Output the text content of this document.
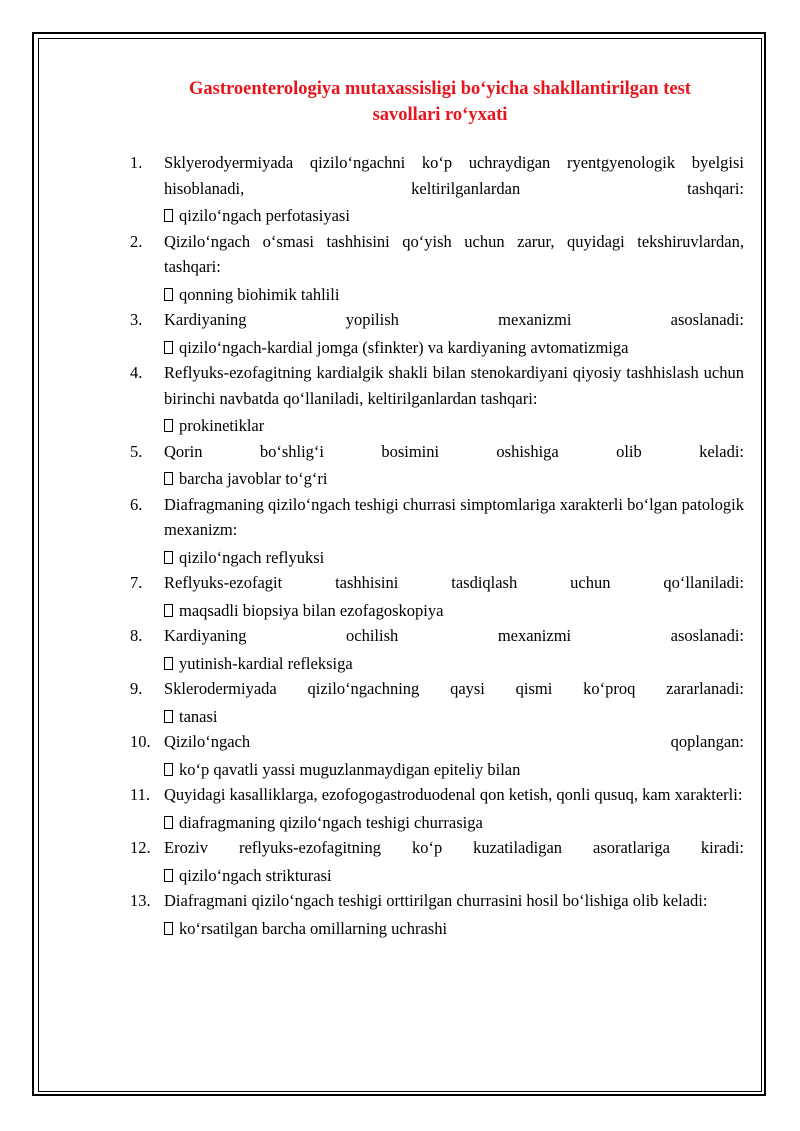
Gastroenterologiya mutaxassisligi bo‘yicha shakllantirilgan test
savollari ro‘yxati
1.	Sklyerodyermiyada qizilo‘ngachni ko‘p uchraydigan ryentgyenologik byelgisi hisoblanadi, keltirilganlardan tashqari:
qizilo‘ngach perfotasiyasi
2.	Qizilo‘ngach o‘smasi tashhisini qo‘yish uchun zarur, quyidagi tekshiruvlardan, tashqari:
qonning biohimik tahlili
3.	Kardiyaning yopilish mexanizmi asoslanadi:
qizilo‘ngach-kardial jomga (sfinkter) va kardiyaning avtomatizmiga
4.	Reflyuks-ezofagitning kardialgik shakli bilan stenokardiyani qiyosiy tashhislash uchun birinchi navbatda qo‘llaniladi, keltirilganlardan tashqari:
prokinetiklar
5.	Qorin bo‘shlig‘i bosimini oshishiga olib keladi:
barcha javoblar to‘g‘ri
6.	Diafragmaning qizilo‘ngach teshigi churrasi simptomlariga xarakterli bo‘lgan patologik mexanizm:
qizilo‘ngach reflyuksi
7.	Reflyuks-ezofagit tashhisini tasdiqlash uchun qo‘llaniladi:
maqsadli biopsiya bilan ezofagoskopiya
8.	Kardiyaning ochilish mexanizmi asoslanadi:
yutinish-kardial refleksiga
9.	Sklerodermiyada qizilo‘ngachning qaysi qismi ko‘proq zararlanadi:
tanasi
10. Qizilo‘ngach qoplangan:
ko‘p qavatli yassi muguzlanmaydigan epiteliy bilan
11. Quyidagi kasalliklarga, ezofogogastroduodenal qon ketish, qonli qusuq, kam xarakterli:
diafragmaning qizilo‘ngach teshigi churrasiga
12. Eroziv reflyuks-ezofagitning ko‘p kuzatiladigan asoratlariga kiradi:
qizilo‘ngach strikturasi
13. Diafragmani qizilo‘ngach teshigi orttirilgan churrasini hosil bo‘lishiga olib keladi:
ko‘rsatilgan barcha omillarning uchrashi
